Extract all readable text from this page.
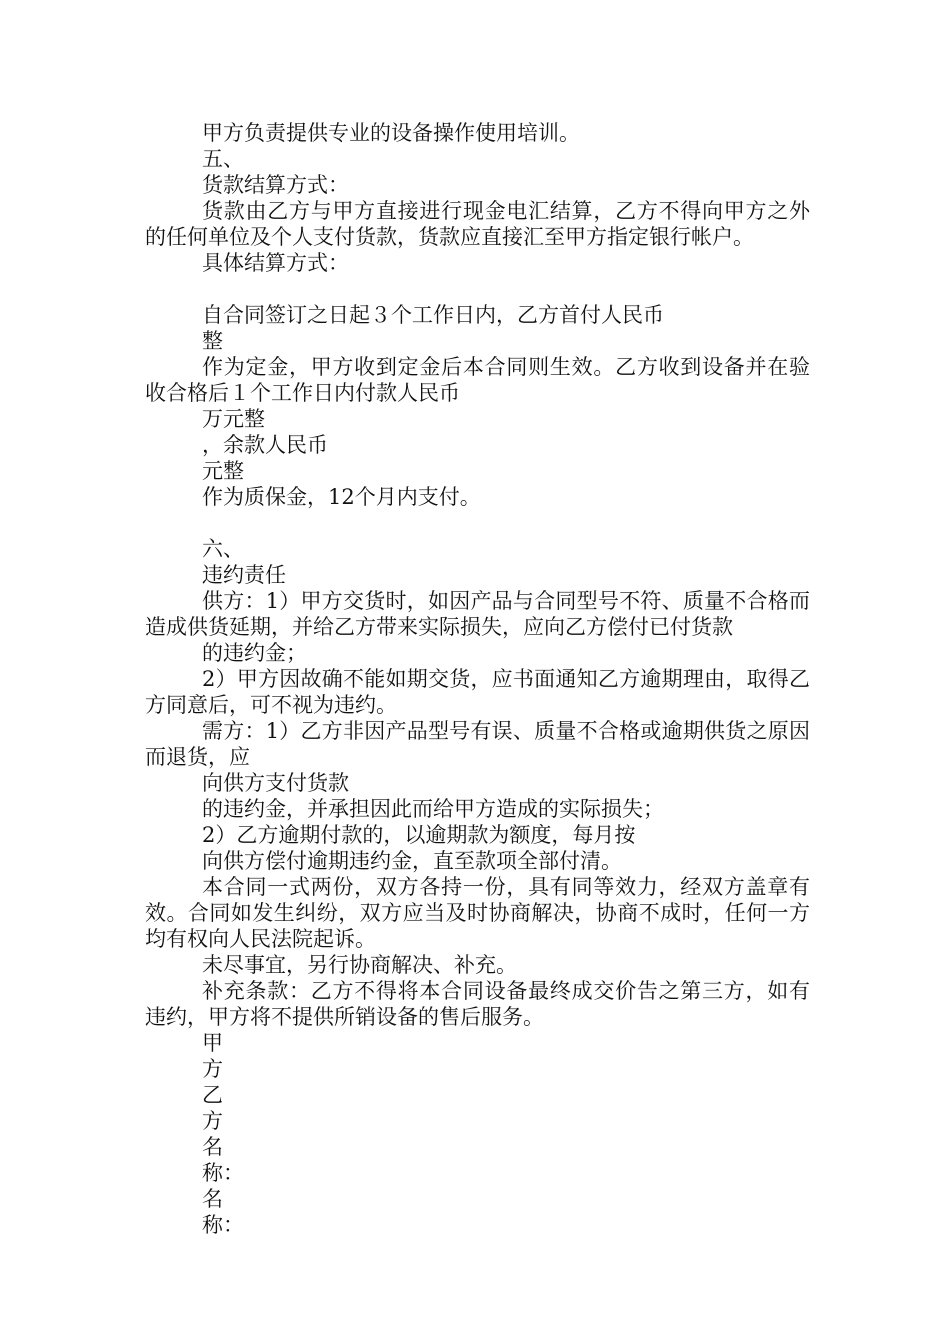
甲方负责提供专业的设备操作使用培训。
五、
货款结算方式：
货款由乙方与甲方直接进行现金电汇结算，乙方不得向甲方之外的任何单位及个人支付货款，货款应直接汇至甲方指定银行帐户。
具体结算方式：
自合同签订之日起３个工作日内，乙方首付人民币
整
作为定金，甲方收到定金后本合同则生效。乙方收到设备并在验收合格后１个工作日内付款人民币
万元整
，余款人民币
元整
作为质保金，12个月内支付。
六、
违约责任
供方：1）甲方交货时，如因产品与合同型号不符、质量不合格而造成供货延期，并给乙方带来实际损失，应向乙方偿付已付货款
的违约金；
2）甲方因故确不能如期交货，应书面通知乙方逾期理由，取得乙方同意后，可不视为违约。
需方：1）乙方非因产品型号有误、质量不合格或逾期供货之原因而退货，应
向供方支付货款
的违约金，并承担因此而给甲方造成的实际损失；
2）乙方逾期付款的，以逾期款为额度，每月按
向供方偿付逾期违约金，直至款项全部付清。
本合同一式两份，双方各持一份，具有同等效力，经双方盖章有效。合同如发生纠纷，双方应当及时协商解决，协商不成时，任何一方均有权向人民法院起诉。
未尽事宜，另行协商解决、补充。
补充条款：乙方不得将本合同设备最终成交价告之第三方，如有违约，甲方将不提供所销设备的售后服务。
甲
方
乙
方
名
称：
名
称：
